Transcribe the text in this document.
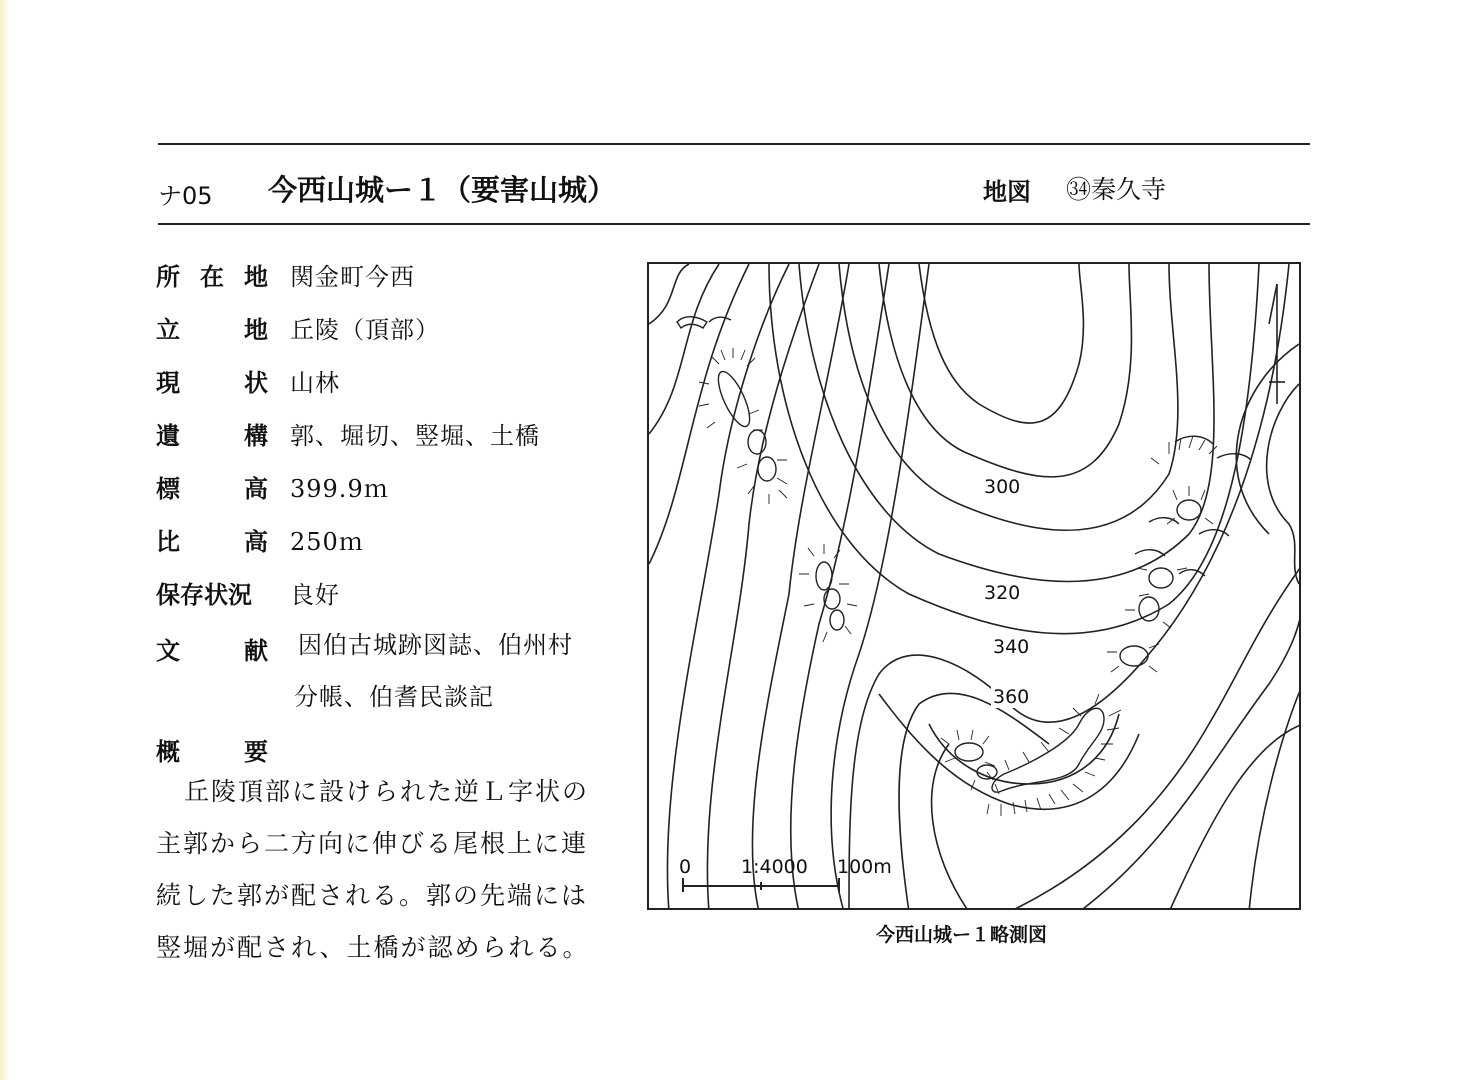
ナ05 今西山城ー１（要害山城）	地図 ㉞秦久寺
所 在 地 関金町今西
立	地 丘陵（頂部）
現	状 山林
遺	構 郭、堀切、竪堀、土橋
標	高 399.9ｍ
比	高 250ｍ
保存状況 良好
文	献 因伯古城跡図誌、伯州村
分帳、伯耆民談記
概	要
丘陵頂部に設けられた逆Ｌ字状の
主郭から二方向に伸びる尾根上に連
続した郭が配される。郭の先端には
竪堀が配され、土橋が認められる。
300
320
340
360
0	1:4000 100m
今西山城ー１略測図
